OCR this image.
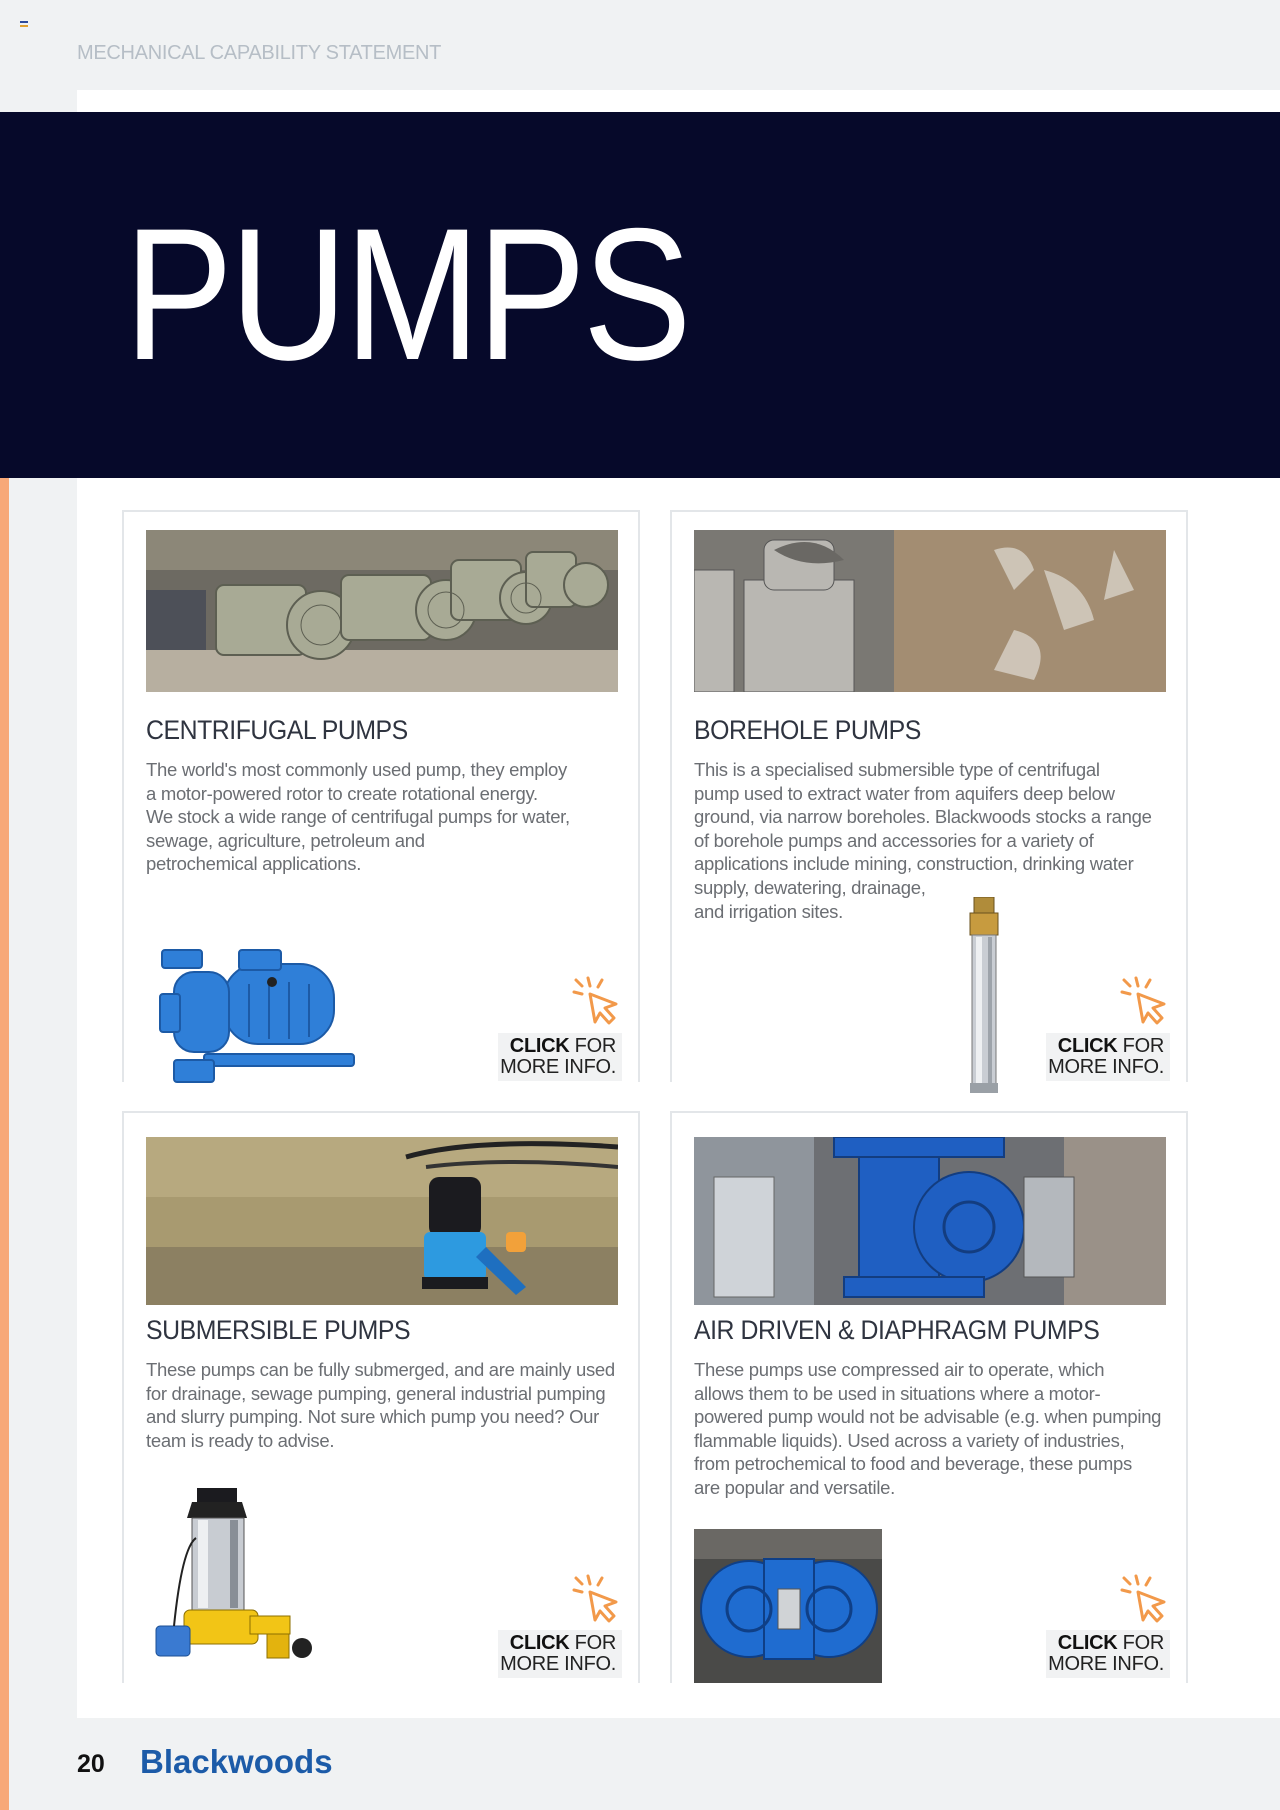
MECHANICAL CAPABILITY STATEMENT
PUMPS
CENTRIFUGAL PUMPS
The world's most commonly used pump, they employ
a motor-powered rotor to create rotational energy.
We stock a wide range of centrifugal pumps for water,
sewage, agriculture, petroleum and
petrochemical applications.
CLICK FOR
MORE INFO.
BOREHOLE PUMPS
This is a specialised submersible type of centrifugal
pump used to extract water from aquifers deep below
ground, via narrow boreholes. Blackwoods stocks a range
of borehole pumps and accessories for a variety of
applications include mining, construction, drinking water
supply, dewatering, drainage,
and irrigation sites.
CLICK FOR
MORE INFO.
SUBMERSIBLE PUMPS
These pumps can be fully submerged, and are mainly used
for drainage, sewage pumping, general industrial pumping
and slurry pumping. Not sure which pump you need? Our
team is ready to advise.
CLICK FOR
MORE INFO.
AIR DRIVEN & DIAPHRAGM PUMPS
These pumps use compressed air to operate, which
allows them to be used in situations where a motor-
powered pump would not be advisable (e.g. when pumping
flammable liquids). Used across a variety of industries,
from petrochemical to food and beverage, these pumps
are popular and versatile.
CLICK FOR
MORE INFO.
20 Blackwoods
